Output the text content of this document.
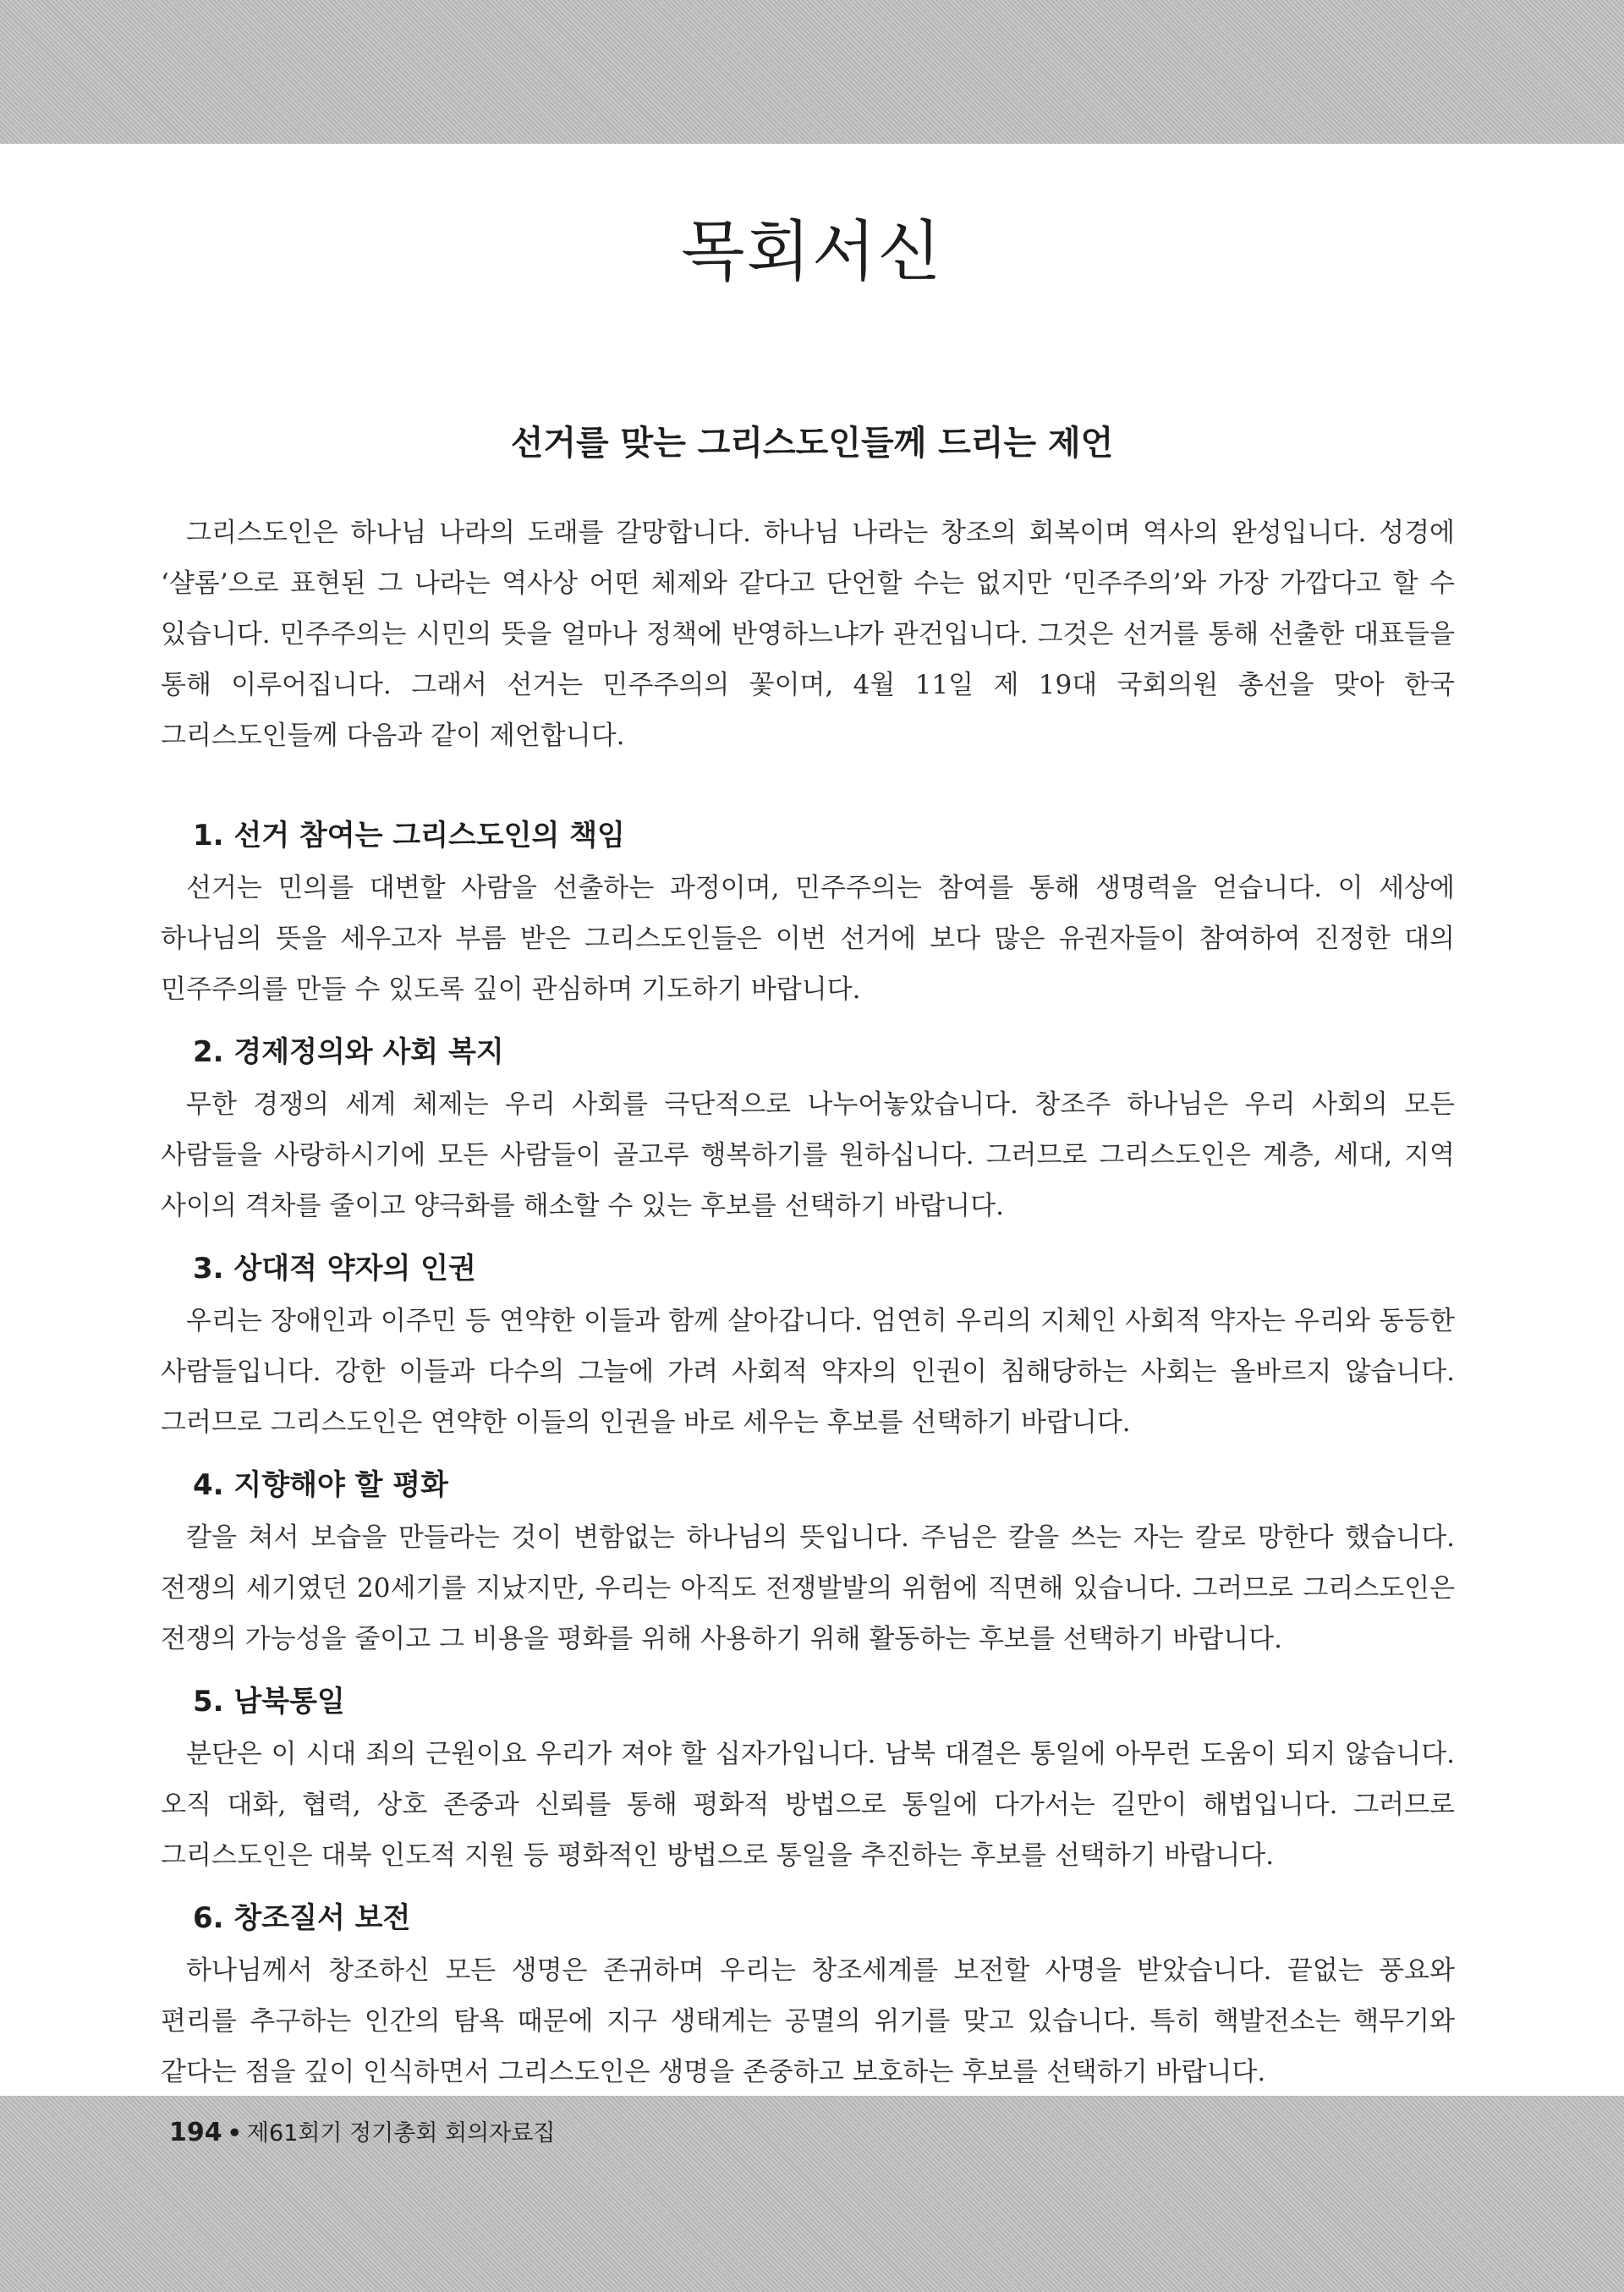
목회서신
선거를 맞는 그리스도인들께 드리는 제언

그리스도인은 하나님 나라의 도래를 갈망합니다. 하나님 나라는 창조의 회복이며 역사의 완성입니다. 성경에 ‘샬롬’으로 표현된 그 나라는 역사상 어떤 체제와 같다고 단언할 수는 없지만 ‘민주주의’와 가장 가깝다고 할 수 있습니다. 민주주의는 시민의 뜻을 얼마나 정책에 반영하느냐가 관건입니다. 그것은 선거를 통해 선출한 대표들을 통해 이루어집니다. 그래서 선거는 민주주의의 꽃이며, 4월 11일 제 19대 국회의원 총선을 맞아 한국 그리스도인들께 다음과 같이 제언합니다.

1. 선거 참여는 그리스도인의 책임

선거는 민의를 대변할 사람을 선출하는 과정이며, 민주주의는 참여를 통해 생명력을 얻습니다. 이 세상에 하나님의 뜻을 세우고자 부름 받은 그리스도인들은 이번 선거에 보다 많은 유권자들이 참여하여 진정한 대의 민주주의를 만들 수 있도록 깊이 관심하며 기도하기 바랍니다.

2. 경제정의와 사회 복지

무한 경쟁의 세계 체제는 우리 사회를 극단적으로 나누어놓았습니다. 창조주 하나님은 우리 사회의 모든 사람들을 사랑하시기에 모든 사람들이 골고루 행복하기를 원하십니다. 그러므로 그리스도인은 계층, 세대, 지역 사이의 격차를 줄이고 양극화를 해소할 수 있는 후보를 선택하기 바랍니다.

3. 상대적 약자의 인권

우리는 장애인과 이주민 등 연약한 이들과 함께 살아갑니다. 엄연히 우리의 지체인 사회적 약자는 우리와 동등한 사람들입니다. 강한 이들과 다수의 그늘에 가려 사회적 약자의 인권이 침해당하는 사회는 올바르지 않습니다. 그러므로 그리스도인은 연약한 이들의 인권을 바로 세우는 후보를 선택하기 바랍니다.

4. 지향해야 할 평화

칼을 쳐서 보습을 만들라는 것이 변함없는 하나님의 뜻입니다. 주님은 칼을 쓰는 자는 칼로 망한다 했습니다. 전쟁의 세기였던 20세기를 지났지만, 우리는 아직도 전쟁발발의 위험에 직면해 있습니다. 그러므로 그리스도인은 전쟁의 가능성을 줄이고 그 비용을 평화를 위해 사용하기 위해 활동하는 후보를 선택하기 바랍니다.

5. 남북통일

분단은 이 시대 죄의 근원이요 우리가 져야 할 십자가입니다. 남북 대결은 통일에 아무런 도움이 되지 않습니다. 오직 대화, 협력, 상호 존중과 신뢰를 통해 평화적 방법으로 통일에 다가서는 길만이 해법입니다. 그러므로 그리스도인은 대북 인도적 지원 등 평화적인 방법으로 통일을 추진하는 후보를 선택하기 바랍니다.

6. 창조질서 보전

하나님께서 창조하신 모든 생명은 존귀하며 우리는 창조세계를 보전할 사명을 받았습니다. 끝없는 풍요와 편리를 추구하는 인간의 탐욕 때문에 지구 생태계는 공멸의 위기를 맞고 있습니다. 특히 핵발전소는 핵무기와 같다는 점을 깊이 인식하면서 그리스도인은 생명을 존중하고 보호하는 후보를 선택하기 바랍니다.

194 • 제61회기 정기총회 회의자료집
